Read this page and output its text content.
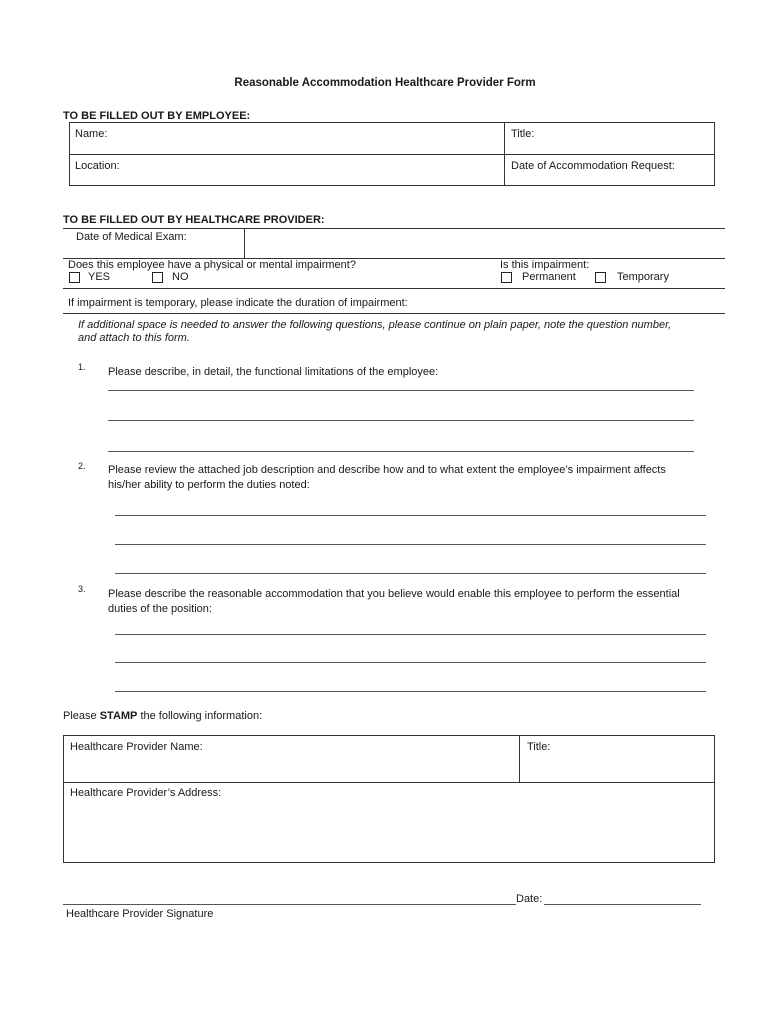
Reasonable Accommodation Healthcare Provider Form
TO BE FILLED OUT BY EMPLOYEE:
Name:	Title:
Location:	Date of Accommodation Request:
TO BE FILLED OUT BY HEALTHCARE PROVIDER:
Date of Medical Exam:
Does this employee have a physical or mental impairment?
YES	NO
Is this impairment:
Permanent	Temporary
If impairment is temporary, please indicate the duration of impairment:
If additional space is needed to answer the following questions, please continue on plain paper, note the question number,
and attach to this form.
1. Please describe, in detail, the functional limitations of the employee:
2. Please review the attached job description and describe how and to what extent the employee’s impairment affects
his/her ability to perform the duties noted:
3. Please describe the reasonable accommodation that you believe would enable this employee to perform the essential
duties of the position:
Please STAMP the following information:
Healthcare Provider Name:	Title:
Healthcare Provider’s Address:
Date:
Healthcare Provider Signature
